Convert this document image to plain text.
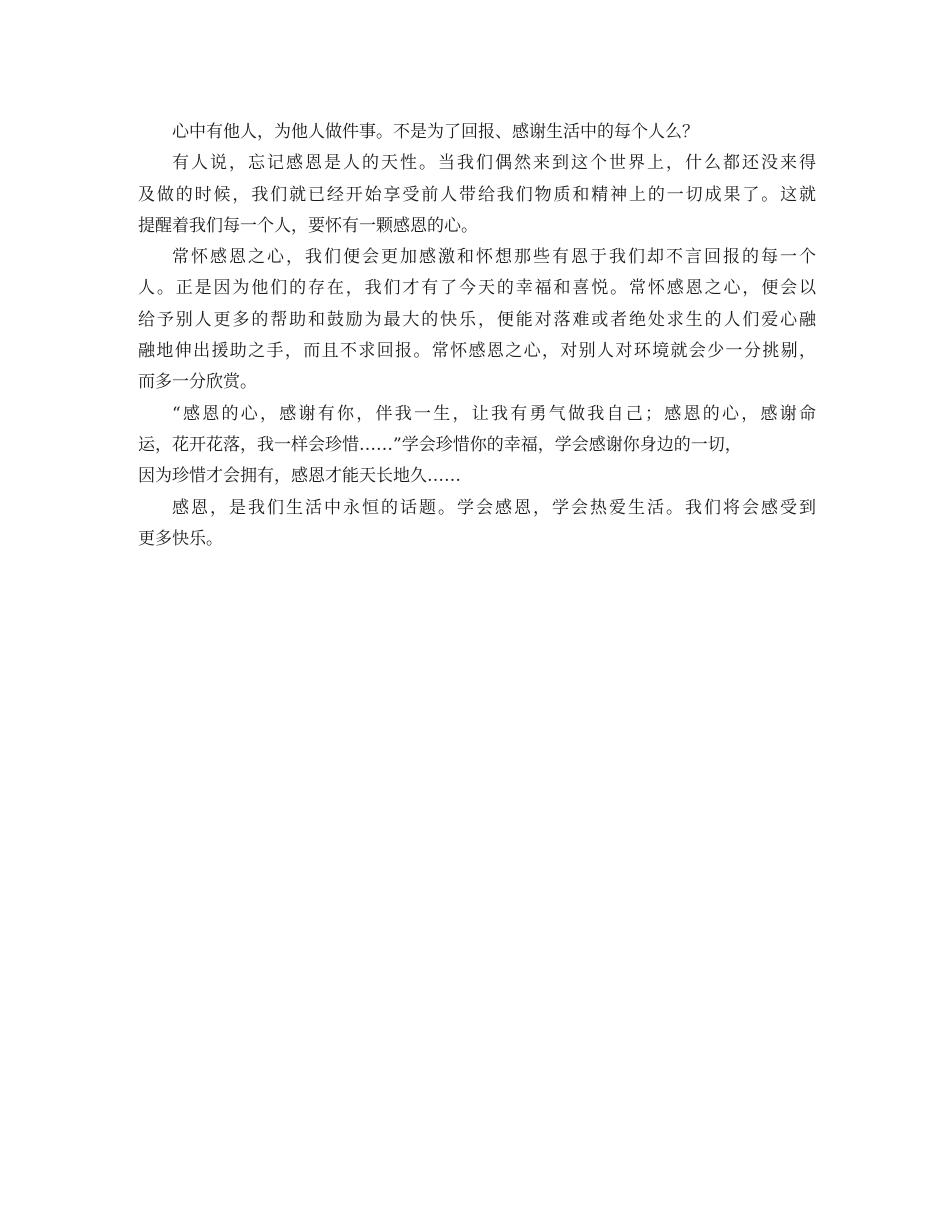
心中有他人，为他人做件事。不是为了回报、感谢生活中的每个人么？
有人说，忘记感恩是人的天性。当我们偶然来到这个世界上，什么都还没来得
及做的时候，我们就已经开始享受前人带给我们物质和精神上的一切成果了。这就
提醒着我们每一个人，要怀有一颗感恩的心。
常怀感恩之心，我们便会更加感激和怀想那些有恩于我们却不言回报的每一个
人。正是因为他们的存在，我们才有了今天的幸福和喜悦。常怀感恩之心，便会以
给予别人更多的帮助和鼓励为最大的快乐，便能对落难或者绝处求生的人们爱心融
融地伸出援助之手，而且不求回报。常怀感恩之心，对别人对环境就会少一分挑剔，
而多一分欣赏。
“感恩的心，感谢有你，伴我一生，让我有勇气做我自己；感恩的心，感谢命
运，花开花落，我一样会珍惜……”学会珍惜你的幸福，学会感谢你身边的一切，
因为珍惜才会拥有，感恩才能天长地久……
感恩，是我们生活中永恒的话题。学会感恩，学会热爱生活。我们将会感受到
更多快乐。
